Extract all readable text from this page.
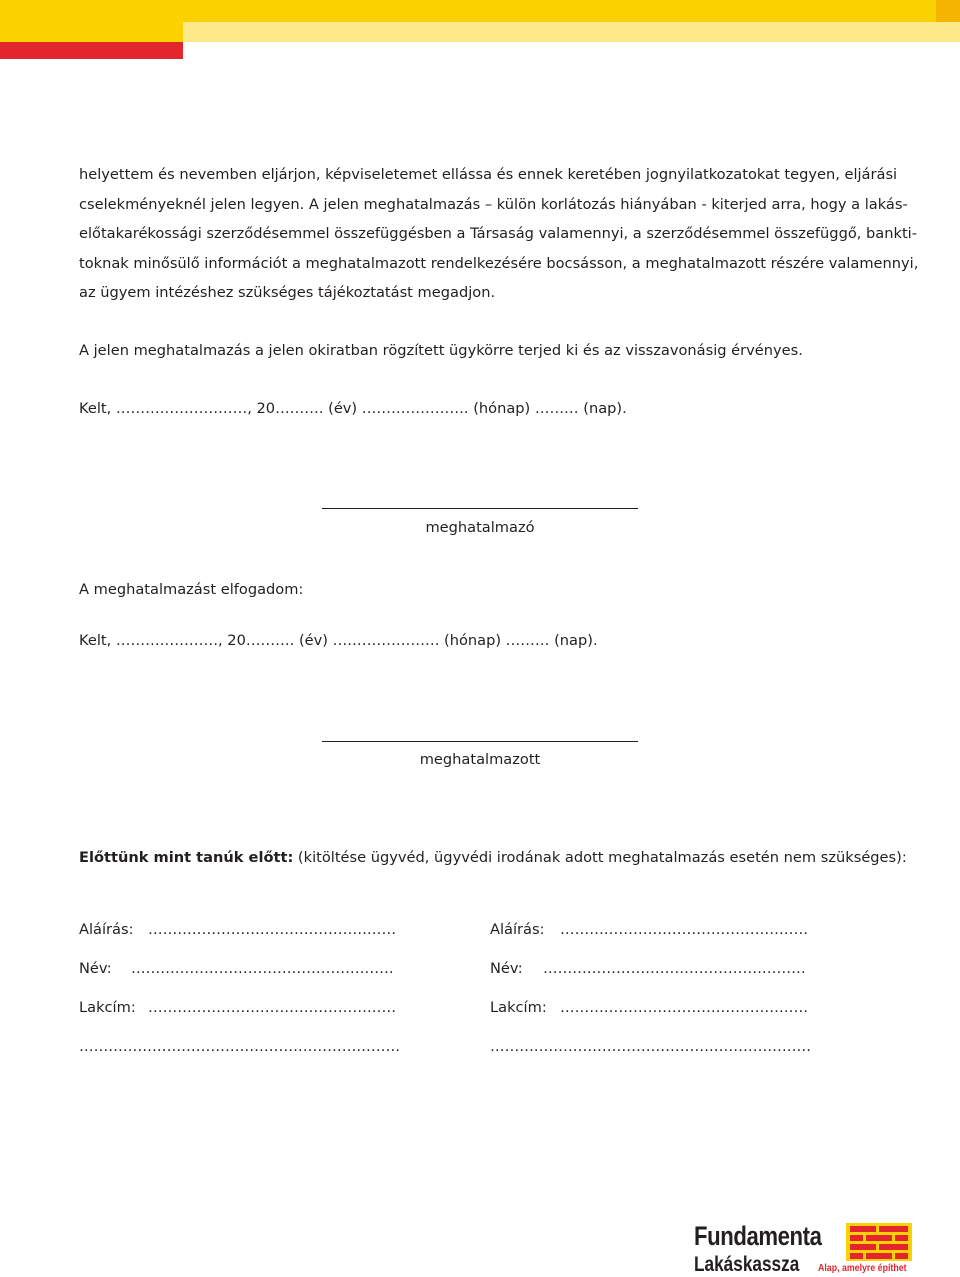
helyettem és nevemben eljárjon, képviseletemet ellássa és ennek keretében jognyilatkozatokat tegyen, eljárási
cselekményeknél jelen legyen. A jelen meghatalmazás – külön korlátozás hiányában - kiterjed arra, hogy a lakás-
előtakarékossági szerződésemmel összefüggésben a Társaság valamennyi, a szerződésemmel összefüggő, bankti-
toknak minősülő információt a meghatalmazott rendelkezésére bocsásson, a meghatalmazott részére valamennyi,
az ügyem intézéshez szükséges tájékoztatást megadjon.
A jelen meghatalmazás a jelen okiratban rögzített ügykörre terjed ki és az visszavonásig érvényes.
Kelt, ………………………, 20………. (év) …………………. (hónap) ……… (nap).
meghatalmazó
A meghatalmazást elfogadom:
Kelt, …………………, 20………. (év) …………………. (hónap) ……… (nap).
meghatalmazott
Előttünk mint tanúk előtt: (kitöltése ügyvéd, ügyvédi irodának adott meghatalmazás esetén nem szükséges):
Aláírás: ……………………………………………
Név: ………………………………………………
Lakcím: ……………………………………………
…………………………………………………………
Aláírás: ……………………………………………
Név: ………………………………………………
Lakcím: ……………………………………………
…………………………………………………………
Fundamenta
Lakáskassza Alap, amelyre építhet
